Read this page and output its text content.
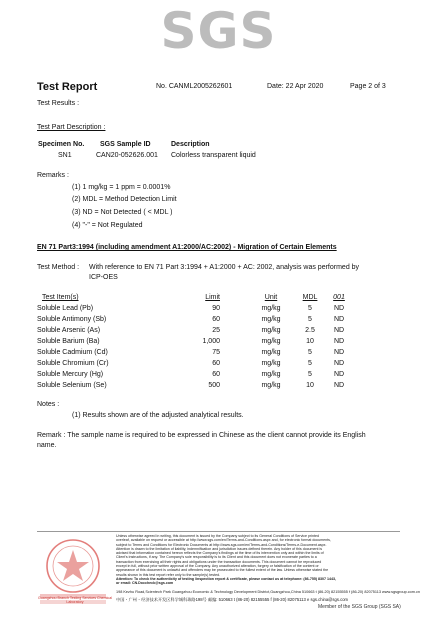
SGS
Test Report	No. CANML2005262601	Date: 22 Apr 2020	Page 2 of 3
Test Results :
Test Part Description :
Specimen No. SGS Sample ID	Description
SN1	CAN20-052626.001 Colorless transparent liquid
Remarks :
(1) 1 mg/kg = 1 ppm = 0.0001%
(2) MDL = Method Detection Limit
(3) ND = Not Detected ( < MDL )
(4) "-" = Not Regulated
EN 71 Part3:1994 (including amendment A1:2000/AC:2002) - Migration of Certain Elements
Test Method : With reference to EN 71 Part 3:1994 + A1:2000 + AC: 2002, analysis was performed by
ICP-OES
Test Item(s)	Limit	Unit	MDL	001
Soluble Lead (Pb)	90	mg/kg	5	ND
Soluble Antimony (Sb)	60	mg/kg	5	ND
Soluble Arsenic (As)	25	mg/kg	2.5	ND
Soluble Barium (Ba)	1,000	mg/kg	10	ND
Soluble Cadmium (Cd)	75	mg/kg	5	ND
Soluble Chromium (Cr)	60	mg/kg	5	ND
Soluble Mercury (Hg)	60	mg/kg	5	ND
Soluble Selenium (Se)	500	mg/kg	10	ND
Notes :
(1) Results shown are of the adjusted analytical results.
Remark : The sample name is required to be expressed in Chinese as the client cannot provide its English
name.
Guangzhou Branch Testing Services Chemical Laboratory
Unless otherwise agreed in writing, this document is issued by the Company subject to its General Conditions of Service printed
overleaf, available on request or accessible at http://www.sgs.com/en/Terms-and-Conditions.aspx and, for electronic format documents,
subject to Terms and Conditions for Electronic Documents at http://www.sgs.com/en/Terms-and-Conditions/Terms-e-Document.aspx.
Attention is drawn to the limitation of liability, indemnification and jurisdiction issues defined therein. Any holder of this document is
advised that information contained hereon reflects the Company's findings at the time of its intervention only and within the limits of
Client's instructions, if any. The Company's sole responsibility is to its Client and this document does not exonerate parties to a
transaction from exercising all their rights and obligations under the transaction documents. This document cannot be reproduced
except in full, without prior written approval of the Company. Any unauthorized alteration, forgery or falsification of the content or
appearance of this document is unlawful and offenders may be prosecuted to the fullest extent of the law. Unless otherwise stated the
results shown in this test report refer only to the sample(s) tested.
Attention: To check the authenticity of testing /inspection report & certificate, please contact us at telephone: (86-755) 8307 1443,
or email: CN.Doccheck@sgs.com
198 Kezhu Road,Scientech Park Guangzhou Economic & Technology Development District,Guangzhou,China 510663 t (86-20) 82155555 f (86-20) 82075113 www.sgsgroup.com.cn
中国・广州・经济技术开发区科学城科珠路198号 邮编: 510663 t (86-20) 82155555 f (86-20) 82075113 e sgs.china@sgs.com
Member of the SGS Group (SGS SA)
